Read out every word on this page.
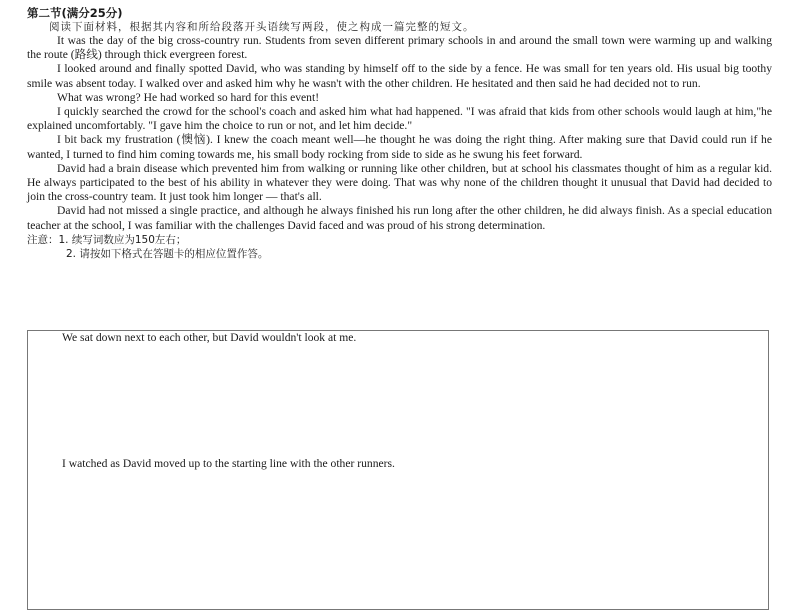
第二节(满分25分)
阅读下面材料，根据其内容和所给段落开头语续写两段，使之构成一篇完整的短文。

It was the day of the big cross-country run. Students from seven different primary schools in and around the small town were warming up and walking the route (路线) through thick evergreen forest.

I looked around and finally spotted David, who was standing by himself off to the side by a fence. He was small for ten years old. His usual big toothy smile was absent today. I walked over and asked him why he wasn't with the other children. He hesitated and then said he had decided not to run.

What was wrong? He had worked so hard for this event!

I quickly searched the crowd for the school's coach and asked him what had happened. "I was afraid that kids from other schools would laugh at him,"he explained uncomfortably. "I gave him the choice to run or not, and let him decide."

I bit back my frustration (懊恼). I knew the coach meant well—he thought he was doing the right thing. After making sure that David could run if he wanted, I turned to find him coming towards me, his small body rocking from side to side as he swung his feet forward.

David had a brain disease which prevented him from walking or running like other children, but at school his classmates thought of him as a regular kid. He always participated to the best of his ability in whatever they were doing. That was why none of the children thought it unusual that David had decided to join the cross-country team. It just took him longer — that's all.

David had not missed a single practice, and although he always finished his run long after the other children, he did always finish. As a special education teacher at the school, I was familiar with the challenges David faced and was proud of his strong determination.

注意：1. 续写词数应为150左右；
2. 请按如下格式在答题卡的相应位置作答。
We sat down next to each other, but David wouldn't look at me.
I watched as David moved up to the starting line with the other runners.
